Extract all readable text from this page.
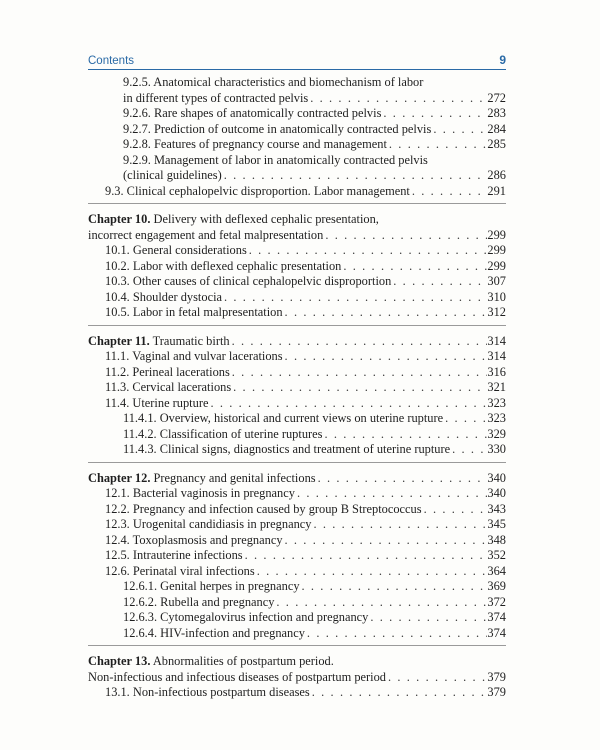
Contents	9
9.2.5. Anatomical characteristics and biomechanism of labor
in different types of contracted pelvis . . .	272
9.2.6. Rare shapes of anatomically contracted pelvis . . .	283
9.2.7. Prediction of outcome in anatomically contracted pelvis . . .	284
9.2.8. Features of pregnancy course and management . . .	285
9.2.9. Management of labor in anatomically contracted pelvis
(clinical guidelines) . . .	286
9.3. Clinical cephalopelvic disproportion. Labor management . . .	291
Chapter 10. Delivery with deflexed cephalic presentation,
incorrect engagement and fetal malpresentation . . .	299
10.1. General considerations . . .	299
10.2. Labor with deflexed cephalic presentation . . .	299
10.3. Other causes of clinical cephalopelvic disproportion . . .	307
10.4. Shoulder dystocia . . .	310
10.5. Labor in fetal malpresentation . . .	312
Chapter 11. Traumatic birth . . .	314
11.1. Vaginal and vulvar lacerations . . .	314
11.2. Perineal lacerations . . .	316
11.3. Cervical lacerations . . .	321
11.4. Uterine rupture . . .	323
11.4.1. Overview, historical and current views on uterine rupture . . .	323
11.4.2. Classification of uterine ruptures . . .	329
11.4.3. Clinical signs, diagnostics and treatment of uterine rupture . . .	330
Chapter 12. Pregnancy and genital infections . . .	340
12.1. Bacterial vaginosis in pregnancy . . .	340
12.2. Pregnancy and infection caused by group B Streptococcus . . .	343
12.3. Urogenital candidiasis in pregnancy . . .	345
12.4. Toxoplasmosis and pregnancy . . .	348
12.5. Intrauterine infections . . .	352
12.6. Perinatal viral infections . . .	364
12.6.1. Genital herpes in pregnancy . . .	369
12.6.2. Rubella and pregnancy . . .	372
12.6.3. Cytomegalovirus infection and pregnancy . . .	374
12.6.4. HIV-infection and pregnancy . . .	374
Chapter 13. Abnormalities of postpartum period.
Non-infectious and infectious diseases of postpartum period . . .	379
13.1. Non-infectious postpartum diseases . . .	379
